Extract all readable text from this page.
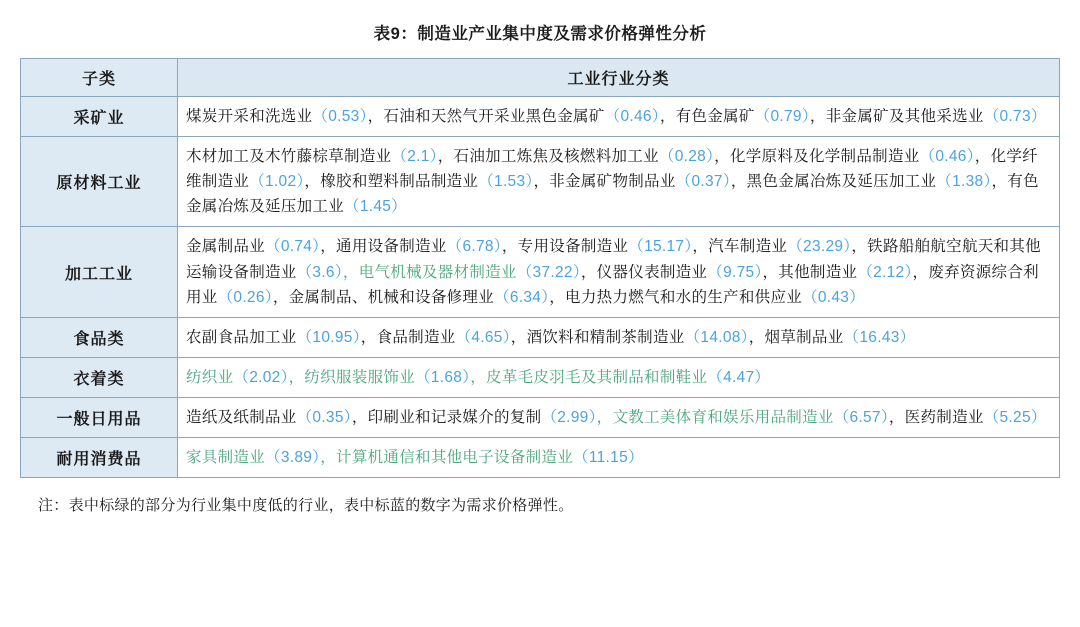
表9：制造业产业集中度及需求价格弹性分析
子类	工业行业分类
采矿业	煤炭开采和洗选业（0.53），石油和天然气开采业黑色金属矿（0.46），有色金属矿（0.79），非金属矿及其他采选业（0.73）
原材料工业	木材加工及木竹藤棕草制造业（2.1），石油加工炼焦及核燃料加工业（0.28），化学原料及化学制品制造业（0.46），化学纤维制造业（1.02），橡胶和塑料制品制造业（1.53），非金属矿物制品业（0.37），黑色金属冶炼及延压加工业（1.38），有色金属冶炼及延压加工业（1.45）
加工工业	金属制品业（0.74），通用设备制造业（6.78），专用设备制造业（15.17），汽车制造业（23.29），铁路船舶航空航天和其他运输设备制造业（3.6），电气机械及器材制造业（37.22），仪器仪表制造业（9.75），其他制造业（2.12），废弃资源综合利用业（0.26），金属制品、机械和设备修理业（6.34），电力热力燃气和水的生产和供应业（0.43）
食品类	农副食品加工业（10.95），食品制造业（4.65），酒饮料和精制茶制造业（14.08），烟草制品业（16.43）
衣着类	纺织业（2.02），纺织服装服饰业（1.68），皮革毛皮羽毛及其制品和制鞋业（4.47）
一般日用品	造纸及纸制品业（0.35），印刷业和记录媒介的复制（2.99），文教工美体育和娱乐用品制造业（6.57），医药制造业（5.25）
耐用消费品	家具制造业（3.89），计算机通信和其他电子设备制造业（11.15）
注：表中标绿的部分为行业集中度低的行业，表中标蓝的数字为需求价格弹性。
